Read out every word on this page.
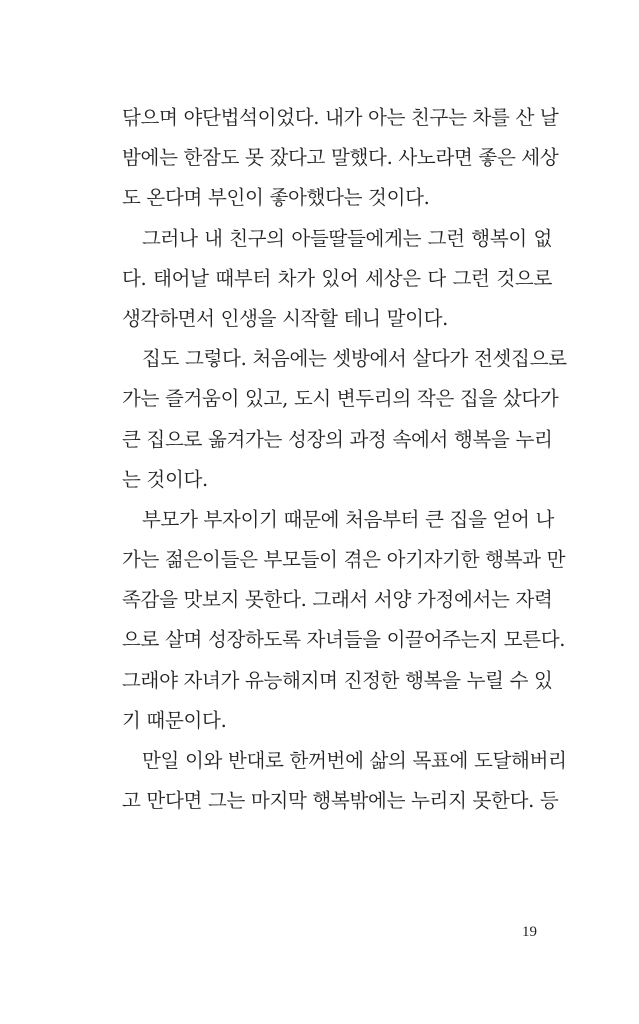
닦으며 야단법석이었다. 내가 아는 친구는 차를 산 날
밤에는 한잠도 못 잤다고 말했다. 사노라면 좋은 세상
도 온다며 부인이 좋아했다는 것이다.
그러나 내 친구의 아들딸들에게는 그런 행복이 없
다. 태어날 때부터 차가 있어 세상은 다 그런 것으로
생각하면서 인생을 시작할 테니 말이다.
집도 그렇다. 처음에는 셋방에서 살다가 전셋집으로
가는 즐거움이 있고, 도시 변두리의 작은 집을 샀다가
큰 집으로 옮겨가는 성장의 과정 속에서 행복을 누리
는 것이다.
부모가 부자이기 때문에 처음부터 큰 집을 얻어 나
가는 젊은이들은 부모들이 겪은 아기자기한 행복과 만
족감을 맛보지 못한다. 그래서 서양 가정에서는 자력
으로 살며 성장하도록 자녀들을 이끌어주는지 모른다.
그래야 자녀가 유능해지며 진정한 행복을 누릴 수 있
기 때문이다.
만일 이와 반대로 한꺼번에 삶의 목표에 도달해버리
고 만다면 그는 마지막 행복밖에는 누리지 못한다. 등
19
